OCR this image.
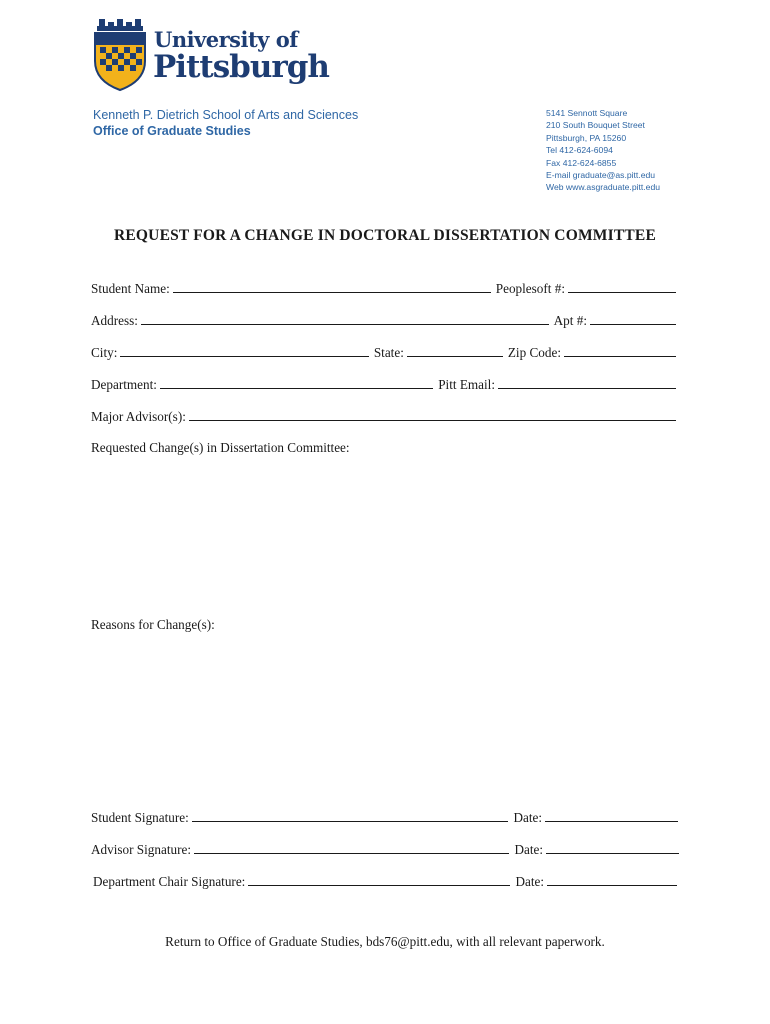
University of
Pittsburgh
Kenneth P. Dietrich School of Arts and Sciences
Office of Graduate Studies
5141 Sennott Square
210 South Bouquet Street
Pittsburgh, PA 15260
Tel 412-624-6094
Fax 412-624-6855
E-mail graduate@as.pitt.edu
Web www.asgraduate.pitt.edu
REQUEST FOR A CHANGE IN DOCTORAL DISSERTATION COMMITTEE
Student Name:	Peoplesoft #:
Address:	Apt #:
City:	State:	Zip Code:
Department:	Pitt Email:
Major Advisor(s):
Requested Change(s) in Dissertation Committee:
Reasons for Change(s):
Student Signature:	Date:
Advisor Signature:	Date:
Department Chair Signature:	Date:
Return to Office of Graduate Studies, bds76@pitt.edu, with all relevant paperwork.
